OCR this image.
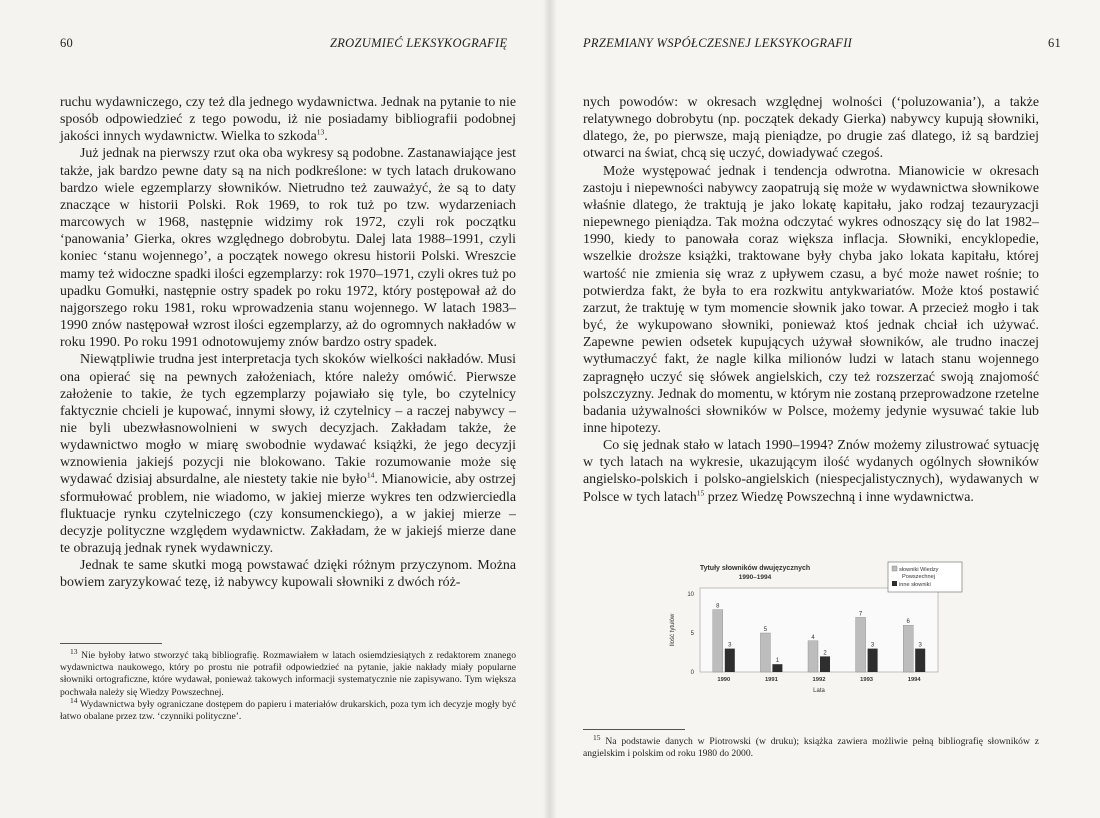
60	ZROZUMIEĆ LEKSYKOGRAFIĘ

ruchu wydawniczego, czy też dla jednego wydawnictwa. Jednak na pytanie to nie sposób odpowiedzieć z tego powodu, iż nie posiadamy bibliografii podobnej jakości innych wydawnictw. Wielka to szkoda$^{13}$.

Już jednak na pierwszy rzut oka oba wykresy są podobne. Zastanawiające jest także, jak bardzo pewne daty są na nich podkreślone: w tych latach drukowano bardzo wiele egzemplarzy słowników. Nietrudno też zauważyć, że są to daty znaczące w historii Polski. Rok 1969, to rok tuż po tzw. wydarzeniach marcowych w 1968, następnie widzimy rok 1972, czyli rok początku ‘panowania’ Gierka, okres względnego dobrobytu. Dalej lata 1988–1991, czyli koniec ‘stanu wojennego’, a początek nowego okresu historii Polski. Wreszcie mamy też widoczne spadki ilości egzemplarzy: rok 1970–1971, czyli okres tuż po upadku Gomułki, następnie ostry spadek po roku 1972, który postępował aż do najgorszego roku 1981, roku wprowadzenia stanu wojennego. W latach 1983–1990 znów następował wzrost ilości egzemplarzy, aż do ogromnych nakładów w roku 1990. Po roku 1991 odnotowujemy znów bardzo ostry spadek.

Niewątpliwie trudna jest interpretacja tych skoków wielkości nakładów. Musi ona opierać się na pewnych założeniach, które należy omówić. Pierwsze założenie to takie, że tych egzemplarzy pojawiało się tyle, bo czytelnicy faktycznie chcieli je kupować, innymi słowy, iż czytelnicy – a raczej nabywcy – nie byli ubezwłasnowolnieni w swych decyzjach. Zakładam także, że wydawnictwo mogło w miarę swobodnie wydawać książki, że jego decyzji wznowienia jakiejś pozycji nie blokowano. Takie rozumowanie może się wydawać dzisiaj absurdalne, ale niestety takie nie było$^{14}$. Mianowicie, aby ostrzej sformułować problem, nie wiadomo, w jakiej mierze wykres ten odzwierciedla fluktuacje rynku czytelniczego (czy konsumenckiego), a w jakiej mierze – decyzje polityczne względem wydawnictw. Zakładam, że w jakiejś mierze dane te obrazują jednak rynek wydawniczy.

Jednak te same skutki mogą powstawać dzięki różnym przyczynom. Można bowiem zaryzykować tezę, iż nabywcy kupowali słowniki z dwóch róż-

$^{13}$ Nie byłoby łatwo stworzyć taką bibliografię. Rozmawiałem w latach osiemdziesiątych z redaktorem znanego wydawnictwa naukowego, który po prostu nie potrafił odpowiedzieć na pytanie, jakie nakłady miały popularne słowniki ortograficzne, które wydawał, ponieważ takowych informacji systematycznie nie zapisywano. Tym większa pochwała należy się Wiedzy Powszechnej.

$^{14}$ Wydawnictwa były ograniczane dostępem do papieru i materiałów drukarskich, poza tym ich decyzje mogły być łatwo obalane przez tzw. ‘czynniki polityczne’.

PRZEMIANY WSPÓŁCZESNEJ LEKSYKOGRAFII	61

nych powodów: w okresach względnej wolności (‘poluzowania’), a także relatywnego dobrobytu (np. początek dekady Gierka) nabywcy kupują słowniki, dlatego, że, po pierwsze, mają pieniądze, po drugie zaś dlatego, iż są bardziej otwarci na świat, chcą się uczyć, dowiadywać czegoś.

Może występować jednak i tendencja odwrotna. Mianowicie w okresach zastoju i niepewności nabywcy zaopatrują się może w wydawnictwa słownikowe właśnie dlatego, że traktują je jako lokatę kapitału, jako rodzaj tezauryzacji niepewnego pieniądza. Tak można odczytać wykres odnoszący się do lat 1982–1990, kiedy to panowała coraz większa inflacja. Słowniki, encyklopedie, wszelkie droższe książki, traktowane były chyba jako lokata kapitału, której wartość nie zmienia się wraz z upływem czasu, a być może nawet rośnie; to potwierdza fakt, że była to era rozkwitu antykwariatów. Może ktoś postawić zarzut, że traktuję w tym momencie słownik jako towar. A przecież mogło i tak być, że wykupowano słowniki, ponieważ ktoś jednak chciał ich używać. Zapewne pewien odsetek kupujących używał słowników, ale trudno inaczej wytłumaczyć fakt, że nagle kilka milionów ludzi w latach stanu wojennego zapragnęło uczyć się słówek angielskich, czy też rozszerzać swoją znajomość polszczyzny. Jednak do momentu, w którym nie zostaną przeprowadzone rzetelne badania używalności słowników w Polsce, możemy jedynie wysuwać takie lub inne hipotezy.

Co się jednak stało w latach 1990–1994? Znów możemy zilustrować sytuację w tych latach na wykresie, ukazującym ilość wydanych ogólnych słowników angielsko-polskich i polsko-angielskich (niespecjalistycznych), wydawanych w Polsce w tych latach$^{15}$ przez Wiedzę Powszechną i inne wydawnictwa.

Tytuły słowników dwujęzycznych
1990–1994
słowniki Wiedzy
Powszechnej
inne słowniki
0
5
10
Ilość tytułów
8
3
1990
5
1
1991
4
2
1992
7
3
1993
6
3
1994
Lata

$^{15}$ Na podstawie danych w Piotrowski (w druku); książka zawiera możliwie pełną bibliografię słowników z angielskim i polskim od roku 1980 do 2000.
